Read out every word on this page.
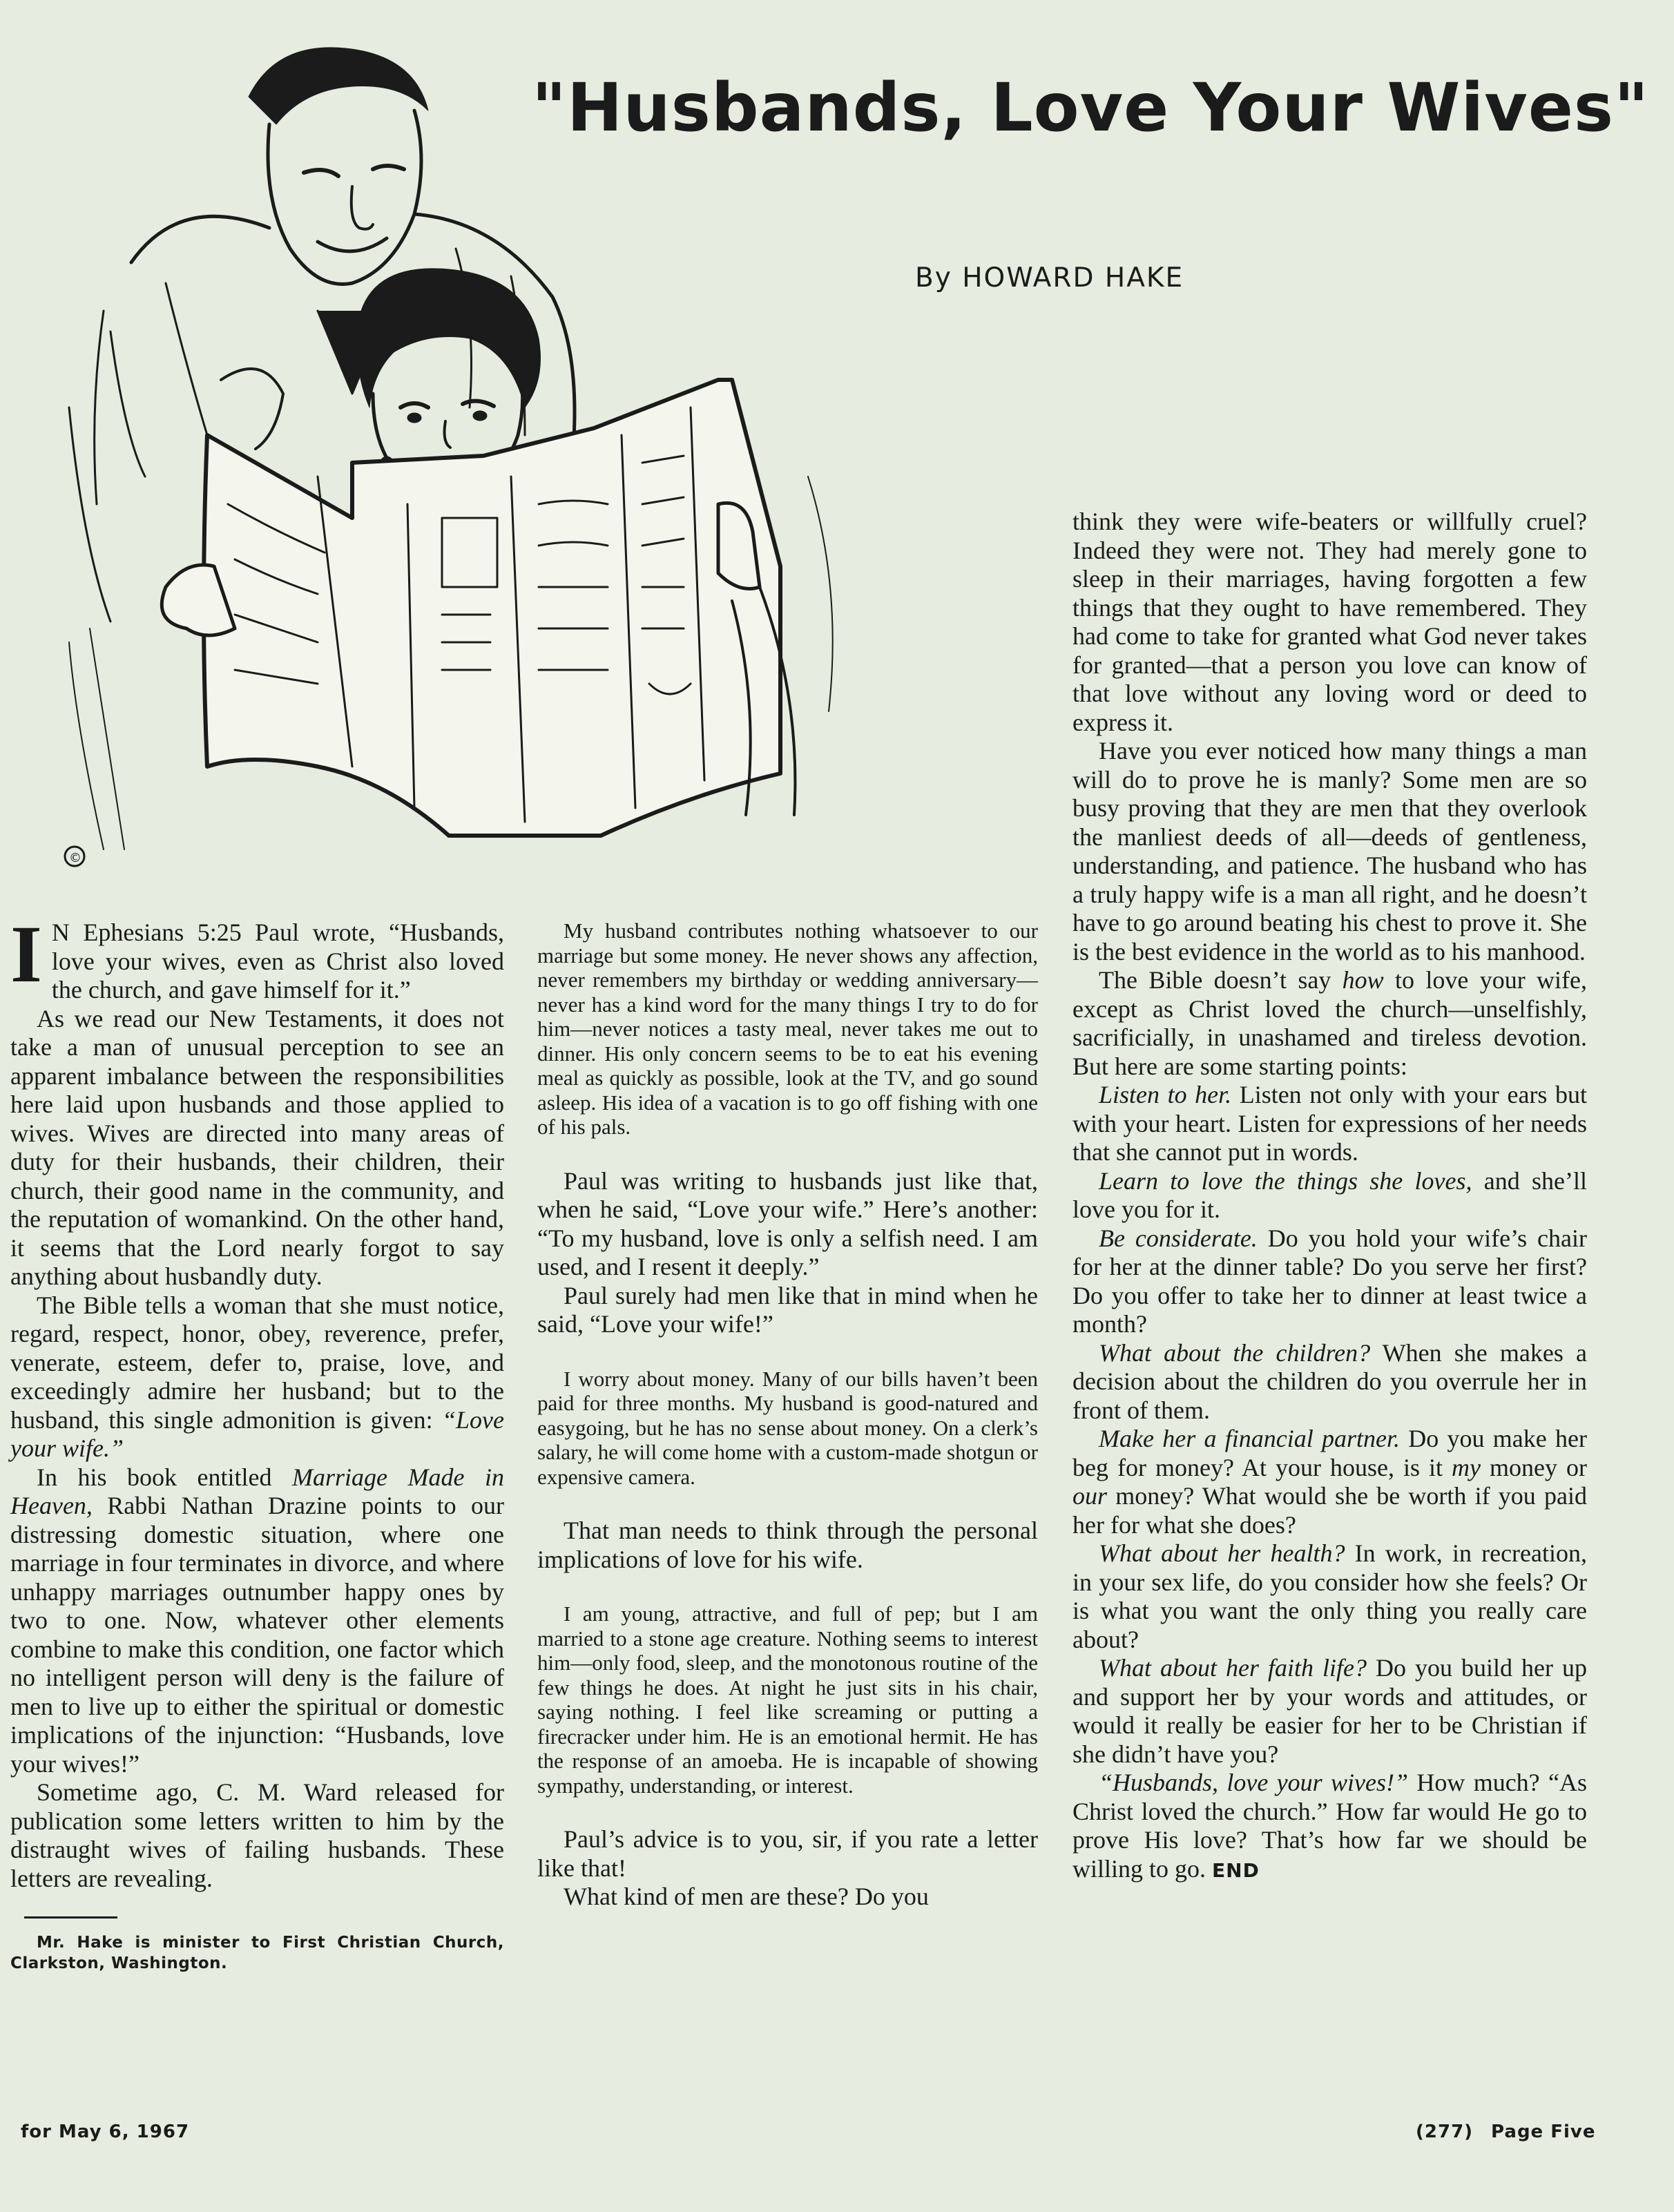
©
"Husbands, Love Your Wives"

By HOWARD HAKE

I N Ephesians 5:25 Paul wrote, “Husbands, love your wives, even as Christ also loved the church, and gave himself for it.”

As we read our New Testaments, it does not take a man of unusual perception to see an apparent imbalance between the responsibilities here laid upon husbands and those applied to wives. Wives are directed into many areas of duty for their husbands, their children, their church, their good name in the community, and the reputation of womankind. On the other hand, it seems that the Lord nearly forgot to say anything about husbandly duty.

The Bible tells a woman that she must notice, regard, respect, honor, obey, reverence, prefer, venerate, esteem, defer to, praise, love, and exceedingly admire her husband; but to the husband, this single admonition is given: “Love your wife.”

In his book entitled Marriage Made in Heaven, Rabbi Nathan Drazine points to our distressing domestic situation, where one marriage in four terminates in divorce, and where unhappy marriages outnumber happy ones by two to one. Now, whatever other elements combine to make this condition, one factor which no intelligent person will deny is the failure of men to live up to either the spiritual or domestic implications of the injunction: “Husbands, love your wives!”

Sometime ago, C. M. Ward released for publication some letters written to him by the distraught wives of failing husbands. These letters are revealing.

Mr. Hake is minister to First Christian Church, Clarkston, Washington.

My husband contributes nothing whatsoever to our marriage but some money. He never shows any affection, never remembers my birthday or wedding anniversary—never has a kind word for the many things I try to do for him—never notices a tasty meal, never takes me out to dinner. His only concern seems to be to eat his evening meal as quickly as possible, look at the TV, and go sound asleep. His idea of a vacation is to go off fishing with one of his pals.

Paul was writing to husbands just like that, when he said, “Love your wife.” Here’s another: “To my husband, love is only a selfish need. I am used, and I resent it deeply.”

Paul surely had men like that in mind when he said, “Love your wife!”

I worry about money. Many of our bills haven’t been paid for three months. My husband is good-natured and easygoing, but he has no sense about money. On a clerk’s salary, he will come home with a custom-made shotgun or expensive camera.

That man needs to think through the personal implications of love for his wife.

I am young, attractive, and full of pep; but I am married to a stone age creature. Nothing seems to interest him—only food, sleep, and the monotonous routine of the few things he does. At night he just sits in his chair, saying nothing. I feel like screaming or putting a firecracker under him. He is an emotional hermit. He has the response of an amoeba. He is incapable of showing sympathy, understanding, or interest.

Paul’s advice is to you, sir, if you rate a letter like that!

What kind of men are these? Do you

think they were wife-beaters or willfully cruel? Indeed they were not. They had merely gone to sleep in their marriages, having forgotten a few things that they ought to have remembered. They had come to take for granted what God never takes for granted—that a person you love can know of that love without any loving word or deed to express it.

Have you ever noticed how many things a man will do to prove he is manly? Some men are so busy proving that they are men that they overlook the manliest deeds of all—deeds of gentleness, understanding, and patience. The husband who has a truly happy wife is a man all right, and he doesn’t have to go around beating his chest to prove it. She is the best evidence in the world as to his manhood.

The Bible doesn’t say how to love your wife, except as Christ loved the church—unselfishly, sacrificially, in unashamed and tireless devotion. But here are some starting points:

Listen to her. Listen not only with your ears but with your heart. Listen for expressions of her needs that she cannot put in words.

Learn to love the things she loves, and she’ll love you for it.

Be considerate. Do you hold your wife’s chair for her at the dinner table? Do you serve her first? Do you offer to take her to dinner at least twice a month?

What about the children? When she makes a decision about the children do you overrule her in front of them.

Make her a financial partner. Do you make her beg for money? At your house, is it my money or our money? What would she be worth if you paid her for what she does?

What about her health? In work, in recreation, in your sex life, do you consider how she feels? Or is what you want the only thing you really care about?

What about her faith life? Do you build her up and support her by your words and attitudes, or would it really be easier for her to be Christian if she didn’t have you?

“Husbands, love your wives!” How much? “As Christ loved the church.” How far would He go to prove His love? That’s how far we should be willing to go. END

for May 6, 1967	(277) Page Five
